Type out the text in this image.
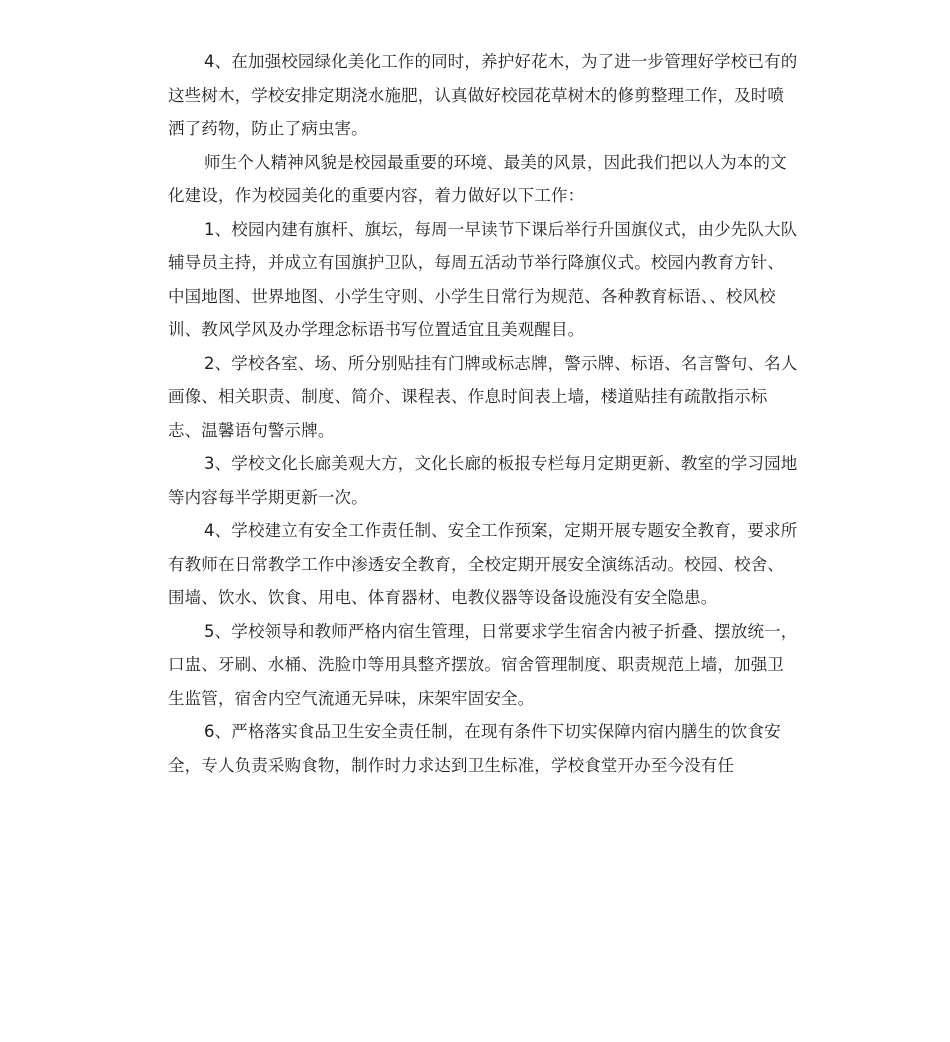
4、在加强校园绿化美化工作的同时，养护好花木，为了进一步管理好学校已有的这些树木，学校安排定期浇水施肥，认真做好校园花草树木的修剪整理工作，及时喷洒了药物，防止了病虫害。

师生个人精神风貌是校园最重要的环境、最美的风景，因此我们把以人为本的文化建设，作为校园美化的重要内容，着力做好以下工作：

1、校园内建有旗杆、旗坛，每周一早读节下课后举行升国旗仪式，由少先队大队辅导员主持，并成立有国旗护卫队，每周五活动节举行降旗仪式。校园内教育方针、中国地图、世界地图、小学生守则、小学生日常行为规范、各种教育标语、、校风校训、教风学风及办学理念标语书写位置适宜且美观醒目。

2、学校各室、场、所分别贴挂有门牌或标志牌，警示牌、标语、名言警句、名人画像、相关职责、制度、简介、课程表、作息时间表上墙，楼道贴挂有疏散指示标志、温馨语句警示牌。

3、学校文化长廊美观大方，文化长廊的板报专栏每月定期更新、教室的学习园地等内容每半学期更新一次。

4、学校建立有安全工作责任制、安全工作预案，定期开展专题安全教育，要求所有教师在日常教学工作中渗透安全教育，全校定期开展安全演练活动。校园、校舍、围墙、饮水、饮食、用电、体育器材、电教仪器等设备设施没有安全隐患。

5、学校领导和教师严格内宿生管理，日常要求学生宿舍内被子折叠、摆放统一，口盅、牙刷、水桶、洗脸巾等用具整齐摆放。宿舍管理制度、职责规范上墙，加强卫生监管，宿舍内空气流通无异味，床架牢固安全。

6、严格落实食品卫生安全责任制，在现有条件下切实保障内宿内膳生的饮食安全，专人负责采购食物，制作时力求达到卫生标准，学校食堂开办至今没有任
